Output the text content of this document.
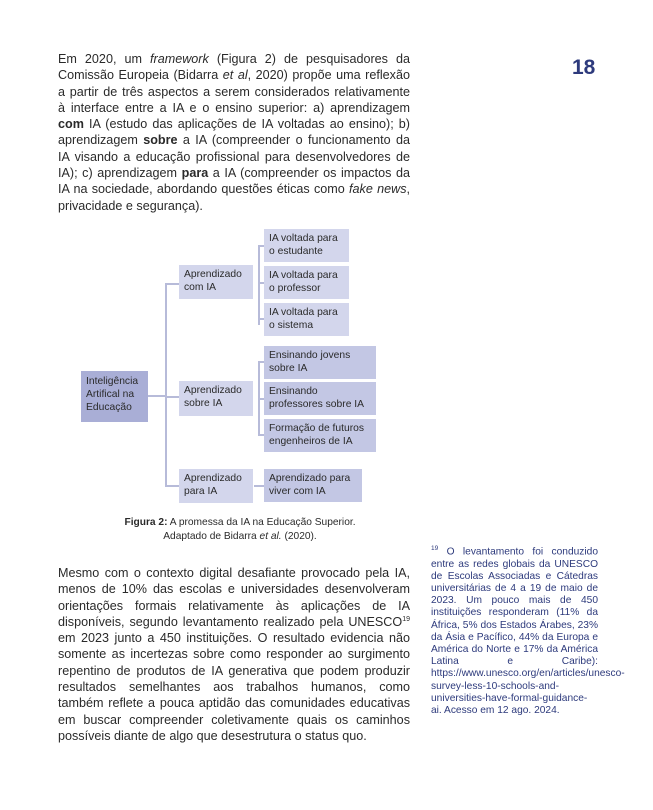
18

Em 2020, um framework (Figura 2) de pesquisadores da Comissão Europeia (Bidarra et al, 2020) propõe uma reflexão a partir de três aspectos a serem considerados relativamente à interface entre a IA e o ensino superior: a) aprendizagem com IA (estudo das aplicações de IA voltadas ao ensino); b) aprendizagem sobre a IA (compreender o funcionamento da IA visando a educação profissional para desenvolvedores de IA); c) aprendizagem para a IA (compreender os impactos da IA na sociedade, abordando questões éticas como fake news, privacidade e segurança).

Inteligência Artifical na Educação
Aprendizado com IA
Aprendizado sobre IA
Aprendizado para IA
IA voltada para o estudante
IA voltada para o professor
IA voltada para o sistema
Ensinando jovens sobre IA
Ensinando professores sobre IA
Formação de futuros engenheiros de IA
Aprendizado para viver com IA
Figura 2: A promessa da IA na Educação Superior.
Adaptado de Bidarra et al. (2020).

Mesmo com o contexto digital desafiante provocado pela IA, menos de 10% das escolas e universidades desenvolveram orientações formais relativamente às aplicações de IA disponíveis, segundo levantamento realizado pela UNESCO$^{19}$ em 2023 junto a 450 instituições. O resultado evidencia não somente as incertezas sobre como responder ao surgimento repentino de produtos de IA generativa que podem produzir resultados semelhantes aos trabalhos humanos, como também reflete a pouca aptidão das comunidades educativas em buscar compreender coletivamente quais os caminhos possíveis diante de algo que desestrutura o status quo.

$^{19}$ O levantamento foi conduzido entre as redes globais da UNESCO de Escolas Associadas e Cátedras universitárias de 4 a 19 de maio de 2023. Um pouco mais de 450 instituições responderam (11% da África, 5% dos Estados Árabes, 23% da Ásia e Pacífico, 44% da Europa e América do Norte e 17% da América Latina e Caribe): https://www.unesco.org/en/articles/unesco-survey-less-10-schools-and-universities-have-formal-guidance-ai. Acesso em 12 ago. 2024.
